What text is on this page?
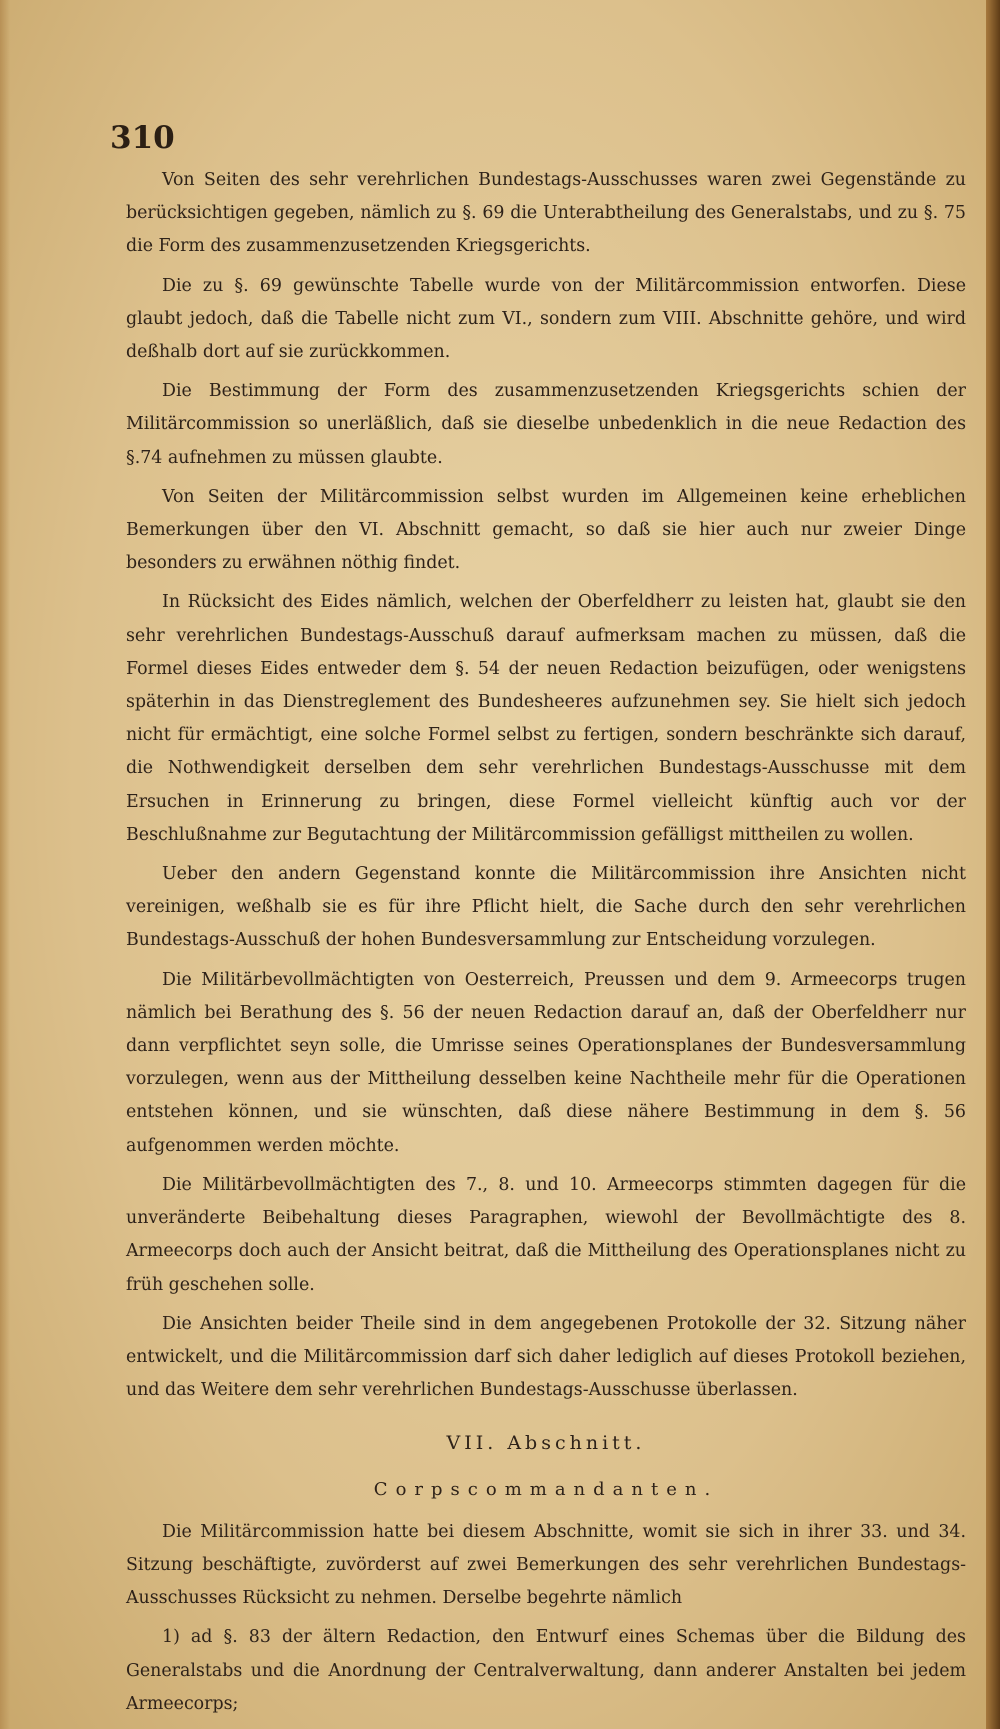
310

Von Seiten des sehr verehrlichen Bundestags-Ausschusses waren zwei Gegenstände zu berücksichtigen gegeben, nämlich zu §. 69 die Unterabtheilung des Generalstabs, und zu §. 75 die Form des zusammenzusetzenden Kriegsgerichts.

Die zu §. 69 gewünschte Tabelle wurde von der Militärcommission entworfen. Diese glaubt jedoch, daß die Tabelle nicht zum VI., sondern zum VIII. Abschnitte gehöre, und wird deßhalb dort auf sie zurückkommen.

Die Bestimmung der Form des zusammenzusetzenden Kriegsgerichts schien der Militärcommission so unerläßlich, daß sie dieselbe unbedenklich in die neue Redaction des §.74 aufnehmen zu müssen glaubte.

Von Seiten der Militärcommission selbst wurden im Allgemeinen keine erheblichen Bemerkungen über den VI. Abschnitt gemacht, so daß sie hier auch nur zweier Dinge besonders zu erwähnen nöthig findet.

In Rücksicht des Eides nämlich, welchen der Oberfeldherr zu leisten hat, glaubt sie den sehr verehrlichen Bundestags-Ausschuß darauf aufmerksam machen zu müssen, daß die Formel dieses Eides entweder dem §. 54 der neuen Redaction beizufügen, oder wenigstens späterhin in das Dienstreglement des Bundesheeres aufzunehmen sey. Sie hielt sich jedoch nicht für ermächtigt, eine solche Formel selbst zu fertigen, sondern beschränkte sich darauf, die Nothwendigkeit derselben dem sehr verehrlichen Bundestags-Ausschusse mit dem Ersuchen in Erinnerung zu bringen, diese Formel vielleicht künftig auch vor der Beschlußnahme zur Begutachtung der Militärcommission gefälligst mittheilen zu wollen.

Ueber den andern Gegenstand konnte die Militärcommission ihre Ansichten nicht vereinigen, weßhalb sie es für ihre Pflicht hielt, die Sache durch den sehr verehrlichen Bundestags-Ausschuß der hohen Bundesversammlung zur Entscheidung vorzulegen.

Die Militärbevollmächtigten von Oesterreich, Preussen und dem 9. Armeecorps trugen nämlich bei Berathung des §. 56 der neuen Redaction darauf an, daß der Oberfeldherr nur dann verpflichtet seyn solle, die Umrisse seines Operationsplanes der Bundesversammlung vorzulegen, wenn aus der Mittheilung desselben keine Nachtheile mehr für die Operationen entstehen können, und sie wünschten, daß diese nähere Bestimmung in dem §. 56 aufgenommen werden möchte.

Die Militärbevollmächtigten des 7., 8. und 10. Armeecorps stimmten dagegen für die unveränderte Beibehaltung dieses Paragraphen, wiewohl der Bevollmächtigte des 8. Armeecorps doch auch der Ansicht beitrat, daß die Mittheilung des Operationsplanes nicht zu früh geschehen solle.

Die Ansichten beider Theile sind in dem angegebenen Protokolle der 32. Sitzung näher entwickelt, und die Militärcommission darf sich daher lediglich auf dieses Protokoll beziehen, und das Weitere dem sehr verehrlichen Bundestags-Ausschusse überlassen.

VII. Abschnitt.

Corpscommandanten.

Die Militärcommission hatte bei diesem Abschnitte, womit sie sich in ihrer 33. und 34. Sitzung beschäftigte, zuvörderst auf zwei Bemerkungen des sehr verehrlichen Bundestags-Ausschusses Rücksicht zu nehmen. Derselbe begehrte nämlich

1) ad §. 83 der ältern Redaction, den Entwurf eines Schemas über die Bildung des Generalstabs und die Anordnung der Centralverwaltung, dann anderer Anstalten bei jedem Armeecorps;
